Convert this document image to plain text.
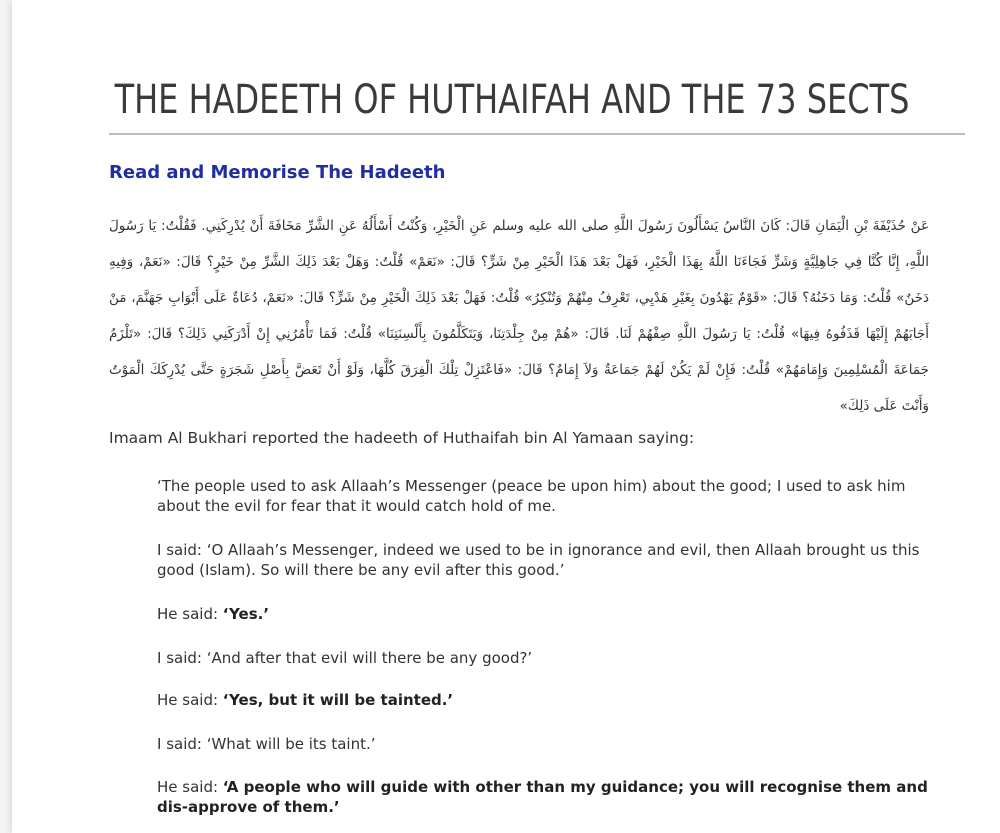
THE HADEETH OF HUTHAIFAH AND THE 73 SECTS
Read and Memorise The Hadeeth

عَنْ حُذَيْفَةَ بْنِ الْيَمَانِ قَالَ: كَانَ النَّاسُ يَسْأَلُونَ رَسُولَ اللَّهِ صلى الله عليه وسلم عَنِ الْخَيْرِ، وَكُنْتُ أَسْأَلُهُ عَنِ الشَّرِّ مَخَافَةَ أَنْ يُدْرِكَنِي. فَقُلْتُ: يَا رَسُولَ اللَّهِ، إِنَّا كُنَّا فِي جَاهِلِيَّةٍ وَشَرٍّ فَجَاءَنَا اللَّهُ بِهَذَا الْخَيْرِ، فَهَلْ بَعْدَ هَذَا الْخَيْرِ مِنْ شَرٍّ؟ قَالَ: «نَعَمْ» قُلْتُ: وَهَلْ بَعْدَ ذَلِكَ الشَّرِّ مِنْ خَيْرٍ؟ قَالَ: «نَعَمْ، وَفِيهِ دَخَنٌ» قُلْتُ: وَمَا دَخَنُهُ؟ قَالَ: «قَوْمٌ يَهْدُونَ بِغَيْرِ هَدْيِي، تَعْرِفُ مِنْهُمْ وَتُنْكِرُ» قُلْتُ: فَهَلْ بَعْدَ ذَلِكَ الْخَيْرِ مِنْ شَرٍّ؟ قَالَ: «نَعَمْ، دُعَاةٌ عَلَى أَبْوَابِ جَهَنَّمَ، مَنْ أَجَابَهُمْ إِلَيْهَا قَذَفُوهُ فِيهَا» قُلْتُ: يَا رَسُولَ اللَّهِ صِفْهُمْ لَنَا. قَالَ: «هُمْ مِنْ جِلْدَتِنَا، وَيَتَكَلَّمُونَ بِأَلْسِنَتِنَا» قُلْتُ: فَمَا تَأْمُرُنِي إِنْ أَدْرَكَنِي ذَلِكَ؟ قَالَ: «تَلْزَمُ جَمَاعَةَ الْمُسْلِمِينَ وَإِمَامَهُمْ» قُلْتُ: فَإِنْ لَمْ يَكُنْ لَهُمْ جَمَاعَةٌ وَلاَ إِمَامٌ؟ قَالَ: «فَاعْتَزِلْ تِلْكَ الْفِرَقَ كُلَّهَا، وَلَوْ أَنْ تَعَضَّ بِأَصْلِ شَجَرَةٍ حَتَّى يُدْرِكَكَ الْمَوْتُ وَأَنْتَ عَلَى ذَلِكَ»

Imaam Al Bukhari reported the hadeeth of Huthaifah bin Al Yamaan saying:

‘The people used to ask Allaah’s Messenger (peace be upon him) about the good; I used to ask him about the evil for fear that it would catch hold of me.

I said: ‘O Allaah’s Messenger, indeed we used to be in ignorance and evil, then Allaah brought us this good (Islam). So will there be any evil after this good.’

He said: ‘Yes.’

I said: ‘And after that evil will there be any good?’

He said: ‘Yes, but it will be tainted.’

I said: ‘What will be its taint.’

He said: ‘A people who will guide with other than my guidance; you will recognise them and dis-approve of them.’
